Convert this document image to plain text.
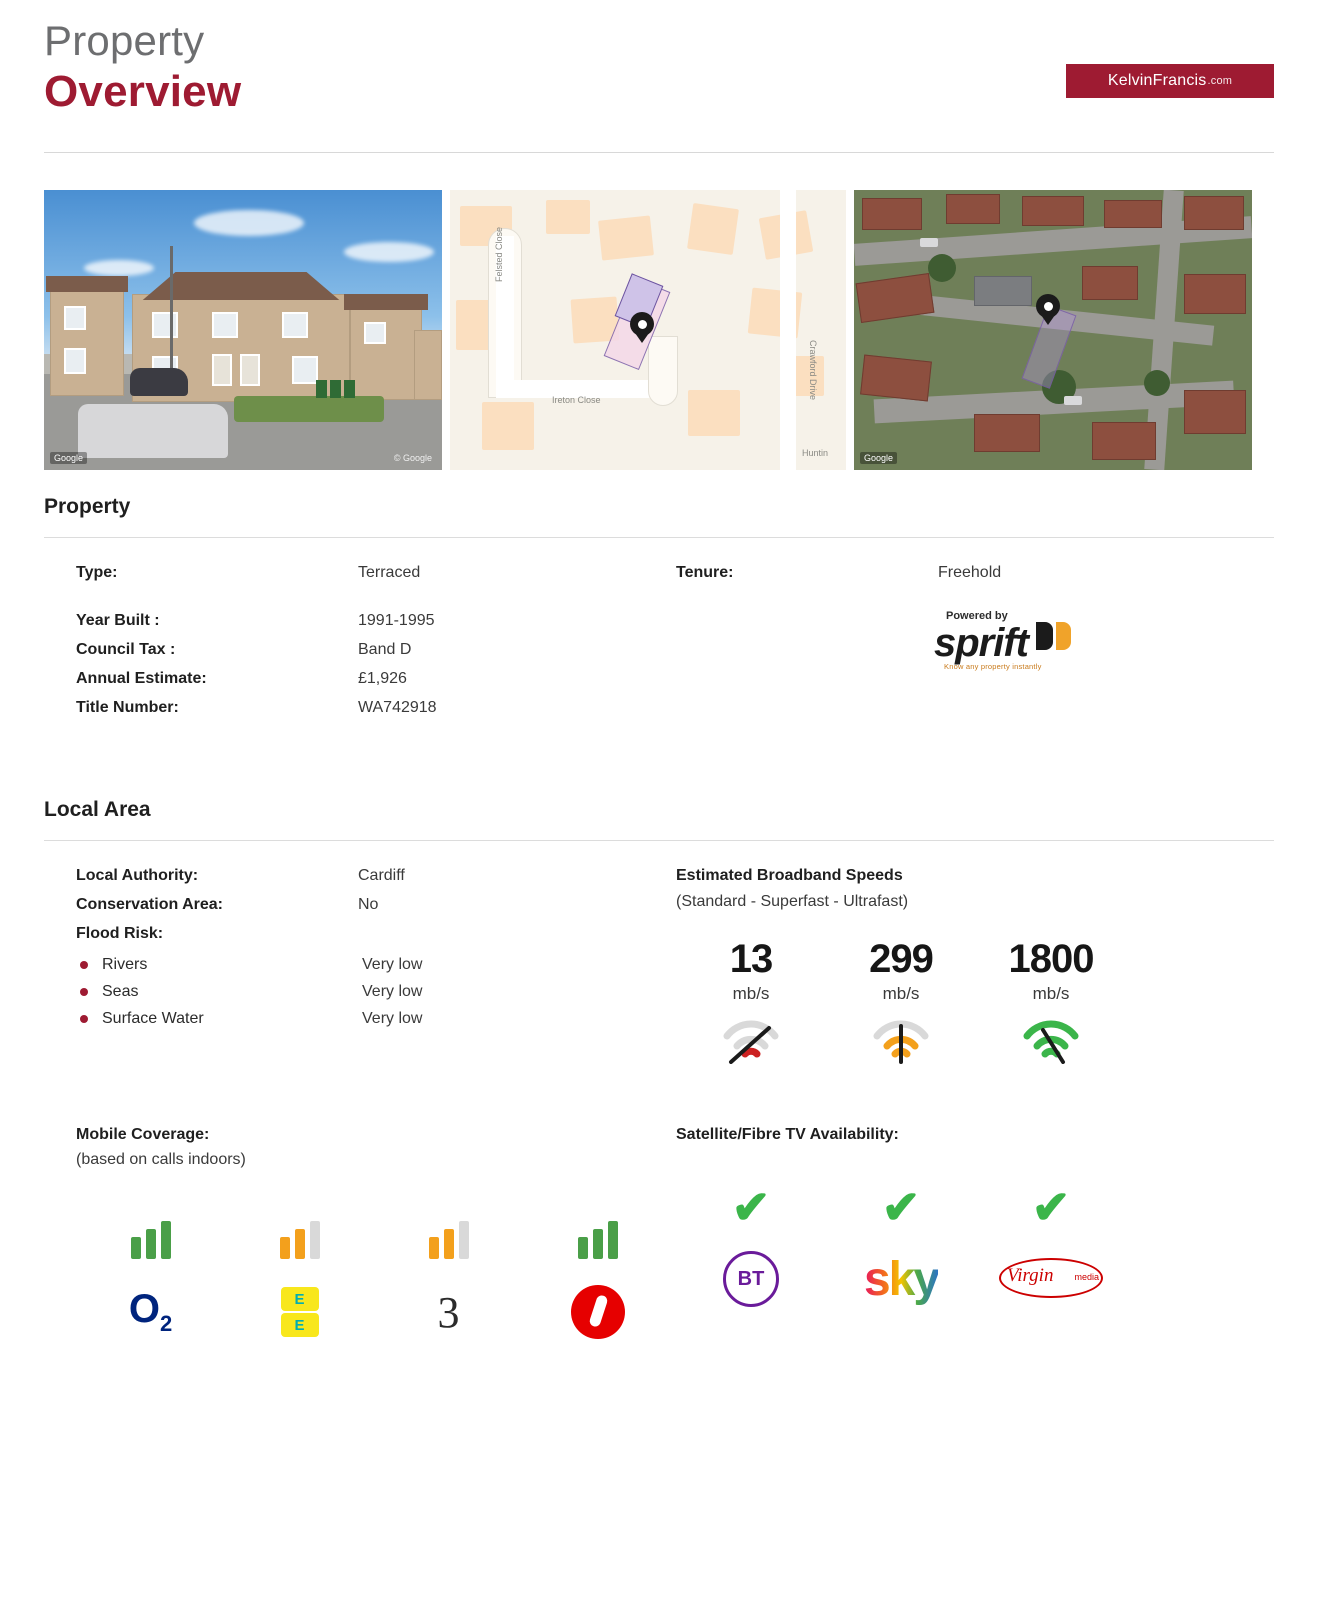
Property
Overview	KelvinFrancis .com
Google	© Google
Felsted Close
Ireton Close	Crawford Drive
Huntin	Google
Property
Type:	Terraced
Year Built :	1991-1995
Council Tax :	Band D
Annual Estimate:	£1,926
Title Number:	WA742918
Tenure:	Freehold
Powered by
sprift
Know any property instantly
Local Area
Local Authority:	Cardiff
Conservation Area:	No
Flood Risk:
Rivers	Very low
Seas	Very low
Surface Water	Very low
Estimated Broadband Speeds
(Standard - Superfast - Ultrafast)
13
mb/s
299
mb/s
1800
mb/s
Mobile Coverage:
(based on calls indoors)
$O_2$
E
E	3
Satellite/Fibre TV Availability:
✔
BT
✔
sky
✔
Virgin media
